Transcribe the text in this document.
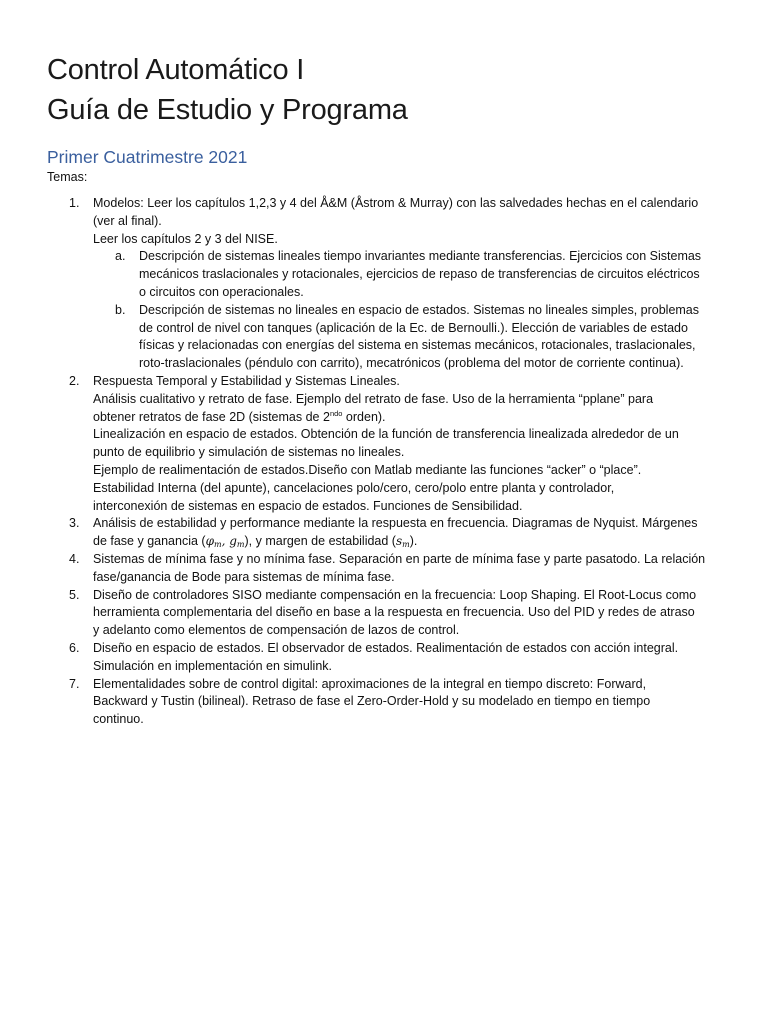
Control Automático I
Guía de Estudio y Programa
Primer Cuatrimestre 2021

Temas:

1. Modelos: Leer los capítulos 1,2,3 y 4 del Å&M (Åstrom & Murray) con las salvedades hechas en el calendario
(ver al final).
Leer los capítulos 2 y 3 del NISE.
a. Descripción de sistemas lineales tiempo invariantes mediante transferencias. Ejercicios con Sistemas
mecánicos traslacionales y rotacionales, ejercicios de repaso de transferencias de circuitos eléctricos
o circuitos con operacionales.
b. Descripción de sistemas no lineales en espacio de estados. Sistemas no lineales simples, problemas
de control de nivel con tanques (aplicación de la Ec. de Bernoulli.). Elección de variables de estado
físicas y relacionadas con energías del sistema en sistemas mecánicos, rotacionales, traslacionales,
roto-traslacionales (péndulo con carrito), mecatrónicos (problema del motor de corriente continua).
2. Respuesta Temporal y Estabilidad y Sistemas Lineales.
Análisis cualitativo y retrato de fase. Ejemplo del retrato de fase. Uso de la herramienta “pplane” para
obtener retratos de fase 2D (sistemas de $2^{ndo}$ orden).
Linealización en espacio de estados. Obtención de la función de transferencia linealizada alrededor de un
punto de equilibrio y simulación de sistemas no lineales.
Ejemplo de realimentación de estados.Diseño con Matlab mediante las funciones “acker” o “place”.
Estabilidad Interna (del apunte), cancelaciones polo/cero, cero/polo entre planta y controlador,
interconexión de sistemas en espacio de estados. Funciones de Sensibilidad.
3. Análisis de estabilidad y performance mediante la respuesta en frecuencia. Diagramas de Nyquist. Márgenes
de fase y ganancia ($\varphi_m$, $g_m$), y margen de estabilidad $(s_m)$.
4. Sistemas de mínima fase y no mínima fase. Separación en parte de mínima fase y parte pasatodo. La relación
fase/ganancia de Bode para sistemas de mínima fase.
5. Diseño de controladores SISO mediante compensación en la frecuencia: Loop Shaping. El Root-Locus como
herramienta complementaria del diseño en base a la respuesta en frecuencia. Uso del PID y redes de atraso
y adelanto como elementos de compensación de lazos de control.
6. Diseño en espacio de estados. El observador de estados. Realimentación de estados con acción integral.
Simulación en implementación en simulink.
7. Elementalidades sobre de control digital: aproximaciones de la integral en tiempo discreto: Forward,
Backward y Tustin (bilineal). Retraso de fase el Zero-Order-Hold y su modelado en tiempo en tiempo
continuo.
